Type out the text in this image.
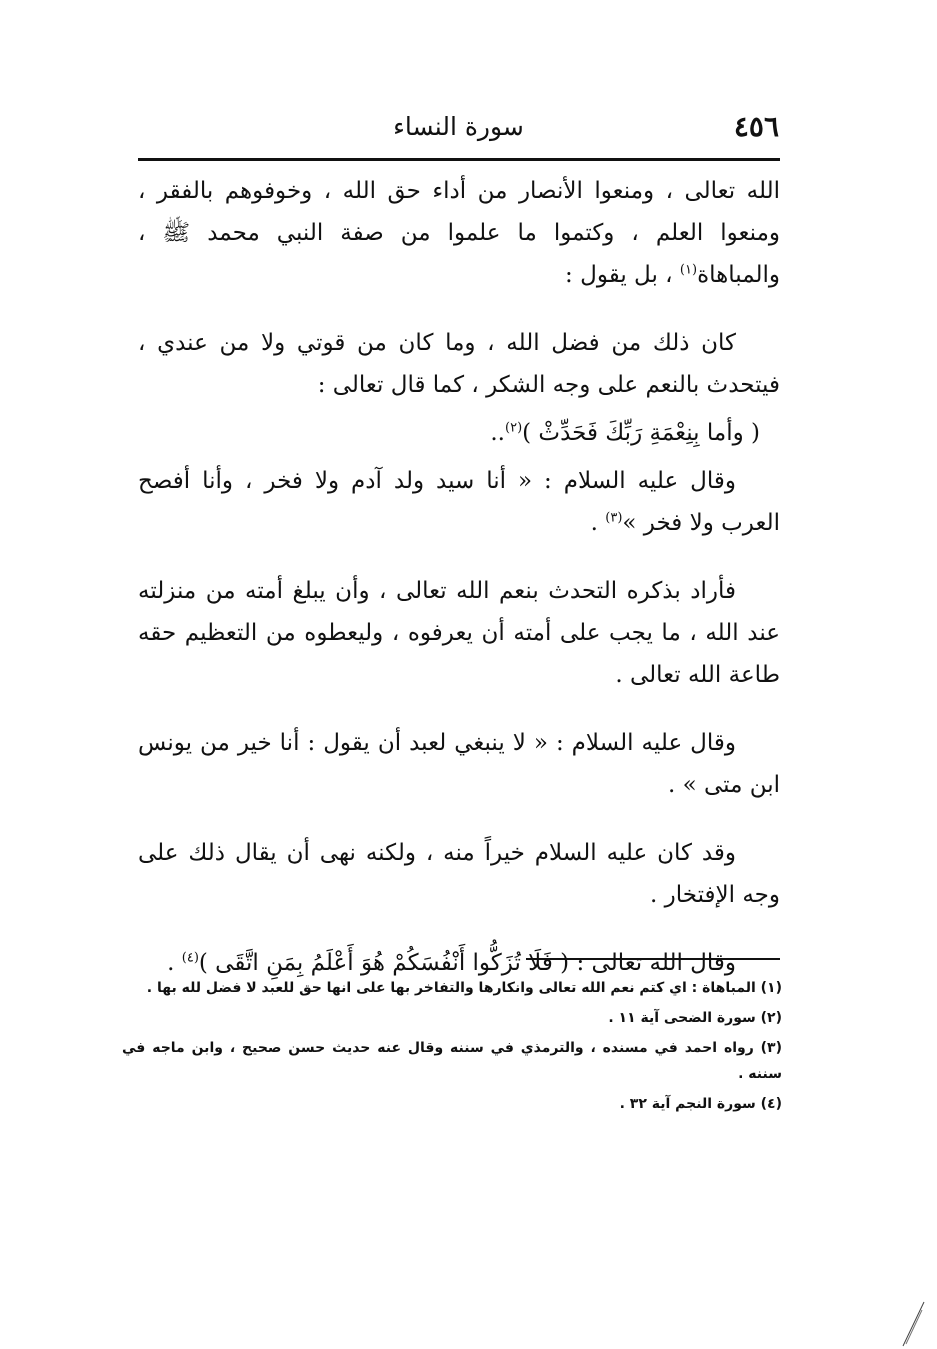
٤٥٦
سورة النساء

الله تعالى ، ومنعوا الأنصار من أداء حق الله ، وخوفوهم بالفقر ، ومنعوا العلم ، وكتموا ما علموا من صفة النبي محمد ﷺ ، والمباهاة$^{(١)}$ ، بل يقول :

كان ذلك من فضل الله ، وما كان من قوتي ولا من عندي ، فيتحدث بالنعم على وجه الشكر ، كما قال تعالى :

( وأما بِنِعْمَةِ رَبِّكَ فَحَدِّثْ )$^{(٢)}$..

وقال عليه السلام : « أنا سيد ولد آدم ولا فخر ، وأنا أفصح العرب ولا فخر »$^{(٣)}$ .

فأراد بذكره التحدث بنعم الله تعالى ، وأن يبلغ أمته من منزلته عند الله ، ما يجب على أمته أن يعرفوه ، وليعطوه من التعظيم حقه طاعة الله تعالى .

وقال عليه السلام : « لا ينبغي لعبد أن يقول : أنا خير من يونس ابن متى » .

وقد كان عليه السلام خيراً منه ، ولكنه نهى أن يقال ذلك على وجه الإفتخار .

وقال الله تعالى : ( فَلَا تُزَكُّوا أَنْفُسَكُمْ هُوَ أَعْلَمُ بِمَنِ اتَّقَى )$^{(٤)}$ .

(١) المباهاة : اي كتم نعم الله تعالى وانكارها والتفاخر بها على انها حق للعبد لا فضل لله بها .

(٢) سورة الضحى آية ١١ .

(٣) رواه احمد في مسنده ، والترمذي في سننه وقال عنه حديث حسن صحيح ، وابن ماجه في سننه .

(٤) سورة النجم آية ٣٢ .
